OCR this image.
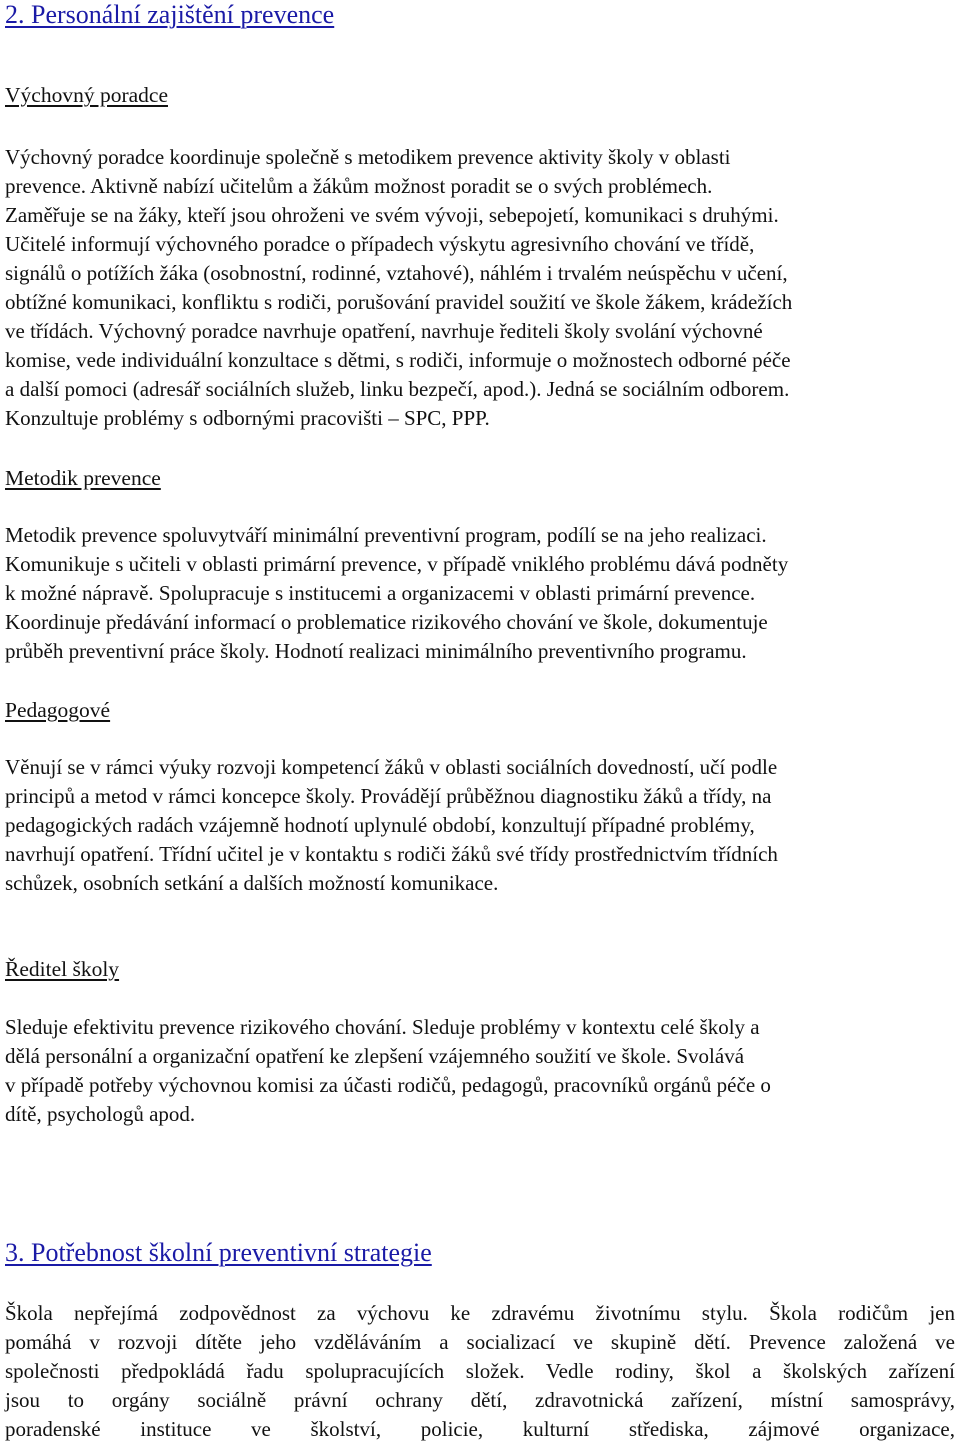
2. Personální zajištění prevence
Výchovný poradce
Výchovný poradce koordinuje společně s metodikem prevence aktivity školy v oblasti
prevence. Aktivně nabízí učitelům a žákům možnost poradit se o svých problémech.
Zaměřuje se na žáky, kteří jsou ohroženi ve svém vývoji, sebepojetí, komunikaci s druhými.
Učitelé informují výchovného poradce o případech výskytu agresivního chování ve třídě,
signálů o potížích žáka (osobnostní, rodinné, vztahové), náhlém i trvalém neúspěchu v učení,
obtížné komunikaci, konfliktu s rodiči, porušování pravidel soužití ve škole žákem, krádežích
ve třídách. Výchovný poradce navrhuje opatření, navrhuje řediteli školy svolání výchovné
komise, vede individuální konzultace s dětmi, s rodiči, informuje o možnostech odborné péče
a další pomoci (adresář sociálních služeb, linku bezpečí, apod.). Jedná se sociálním odborem.
Konzultuje problémy s odbornými pracovišti – SPC, PPP.
Metodik prevence
Metodik prevence spoluvytváří minimální preventivní program, podílí se na jeho realizaci.
Komunikuje s učiteli v oblasti primární prevence, v případě vniklého problému dává podněty
k možné nápravě. Spolupracuje s institucemi a organizacemi v oblasti primární prevence.
Koordinuje předávání informací o problematice rizikového chování ve škole, dokumentuje
průběh preventivní práce školy. Hodnotí realizaci minimálního preventivního programu.
Pedagogové
Věnují se v rámci výuky rozvoji kompetencí žáků v oblasti sociálních dovedností, učí podle
principů a metod v rámci koncepce školy. Provádějí průběžnou diagnostiku žáků a třídy, na
pedagogických radách vzájemně hodnotí uplynulé období, konzultují případné problémy,
navrhují opatření. Třídní učitel je v kontaktu s rodiči žáků své třídy prostřednictvím třídních
schůzek, osobních setkání a dalších možností komunikace.
Ředitel školy
Sleduje efektivitu prevence rizikového chování. Sleduje problémy v kontextu celé školy a
dělá personální a organizační opatření ke zlepšení vzájemného soužití ve škole. Svolává
v případě potřeby výchovnou komisi za účasti rodičů, pedagogů, pracovníků orgánů péče o
dítě, psychologů apod.
3. Potřebnost školní preventivní strategie
Škola nepřejímá zodpovědnost za výchovu ke zdravému životnímu stylu. Škola rodičům jen
pomáhá v rozvoji dítěte jeho vzděláváním a socializací ve skupině dětí. Prevence založená ve
společnosti předpokládá řadu spolupracujících složek. Vedle rodiny, škol a školských zařízení
jsou to orgány sociálně právní ochrany dětí, zdravotnická zařízení, místní samosprávy,
poradenské instituce ve školství, policie, kulturní střediska, zájmové organizace,
